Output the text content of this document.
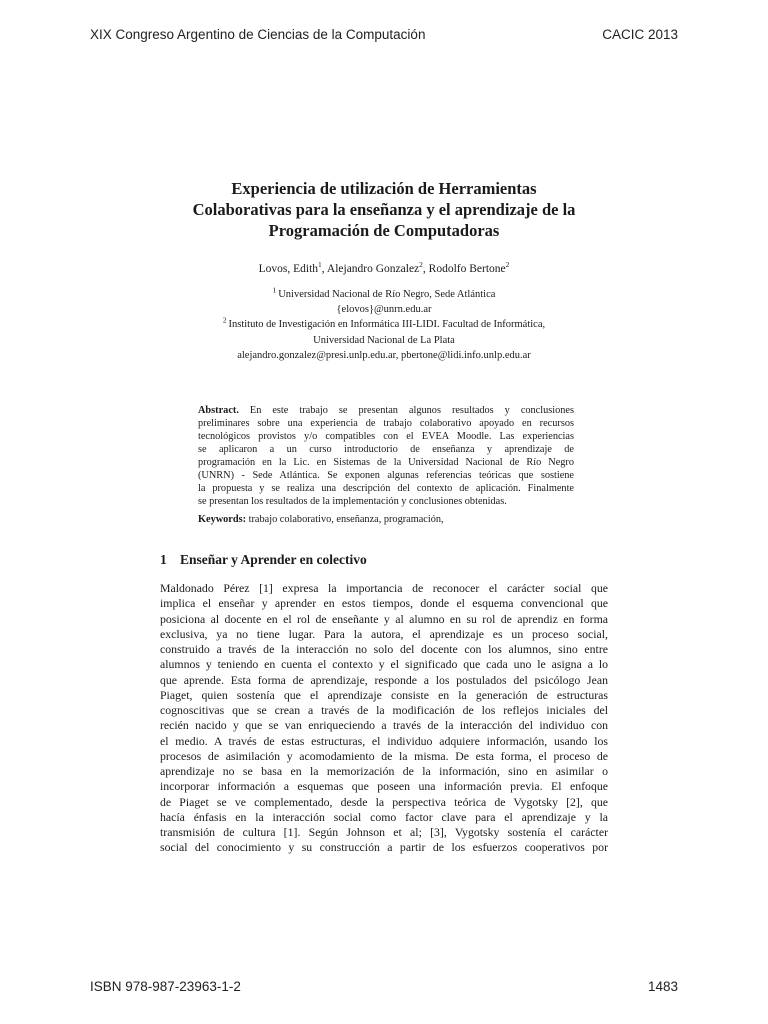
XIX Congreso Argentino de Ciencias de la Computación	CACIC 2013
Experiencia de utilización de Herramientas
Colaborativas para la enseñanza y el aprendizaje de la
Programación de Computadoras
Lovos, Edith$^1$, Alejandro Gonzalez$^2$, Rodolfo Bertone$^2$
$^1$ Universidad Nacional de Río Negro, Sede Atlántica
{elovos}@unrn.edu.ar
$^2$ Instituto de Investigación en Informática III-LIDI. Facultad de Informática,
Universidad Nacional de La Plata
alejandro.gonzalez@presi.unlp.edu.ar, pbertone@lidi.info.unlp.edu.ar
Abstract. En este trabajo se presentan algunos resultados y conclusiones
preliminares sobre una experiencia de trabajo colaborativo apoyado en recursos
tecnológicos provistos y/o compatibles con el EVEA Moodle. Las experiencias
se aplicaron a un curso introductorio de enseñanza y aprendizaje de
programación en la Lic. en Sistemas de la Universidad Nacional de Río Negro
(UNRN) - Sede Atlántica. Se exponen algunas referencias teóricas que sostiene
la propuesta y se realiza una descripción del contexto de aplicación. Finalmente
se presentan los resultados de la implementación y conclusiones obtenidas.
Keywords: trabajo colaborativo, enseñanza, programación,
1 Enseñar y Aprender en colectivo
Maldonado Pérez [1] expresa la importancia de reconocer el carácter social que
implica el enseñar y aprender en estos tiempos, donde el esquema convencional que
posiciona al docente en el rol de enseñante y al alumno en su rol de aprendiz en forma
exclusiva, ya no tiene lugar. Para la autora, el aprendizaje es un proceso social,
construido a través de la interacción no solo del docente con los alumnos, sino entre
alumnos y teniendo en cuenta el contexto y el significado que cada uno le asigna a lo
que aprende. Esta forma de aprendizaje, responde a los postulados del psicólogo Jean
Piaget, quien sostenía que el aprendizaje consiste en la generación de estructuras
cognoscitivas que se crean a través de la modificación de los reflejos iniciales del
recién nacido y que se van enriqueciendo a través de la interacción del individuo con
el medio. A través de estas estructuras, el individuo adquiere información, usando los
procesos de asimilación y acomodamiento de la misma. De esta forma, el proceso de
aprendizaje no se basa en la memorización de la información, sino en asimilar o
incorporar información a esquemas que poseen una información previa. El enfoque
de Piaget se ve complementado, desde la perspectiva teórica de Vygotsky [2], que
hacía énfasis en la interacción social como factor clave para el aprendizaje y la
transmisión de cultura [1]. Según Johnson et al; [3], Vygotsky sostenía el carácter
social del conocimiento y su construcción a partir de los esfuerzos cooperativos por
ISBN 978-987-23963-1-2	1483
